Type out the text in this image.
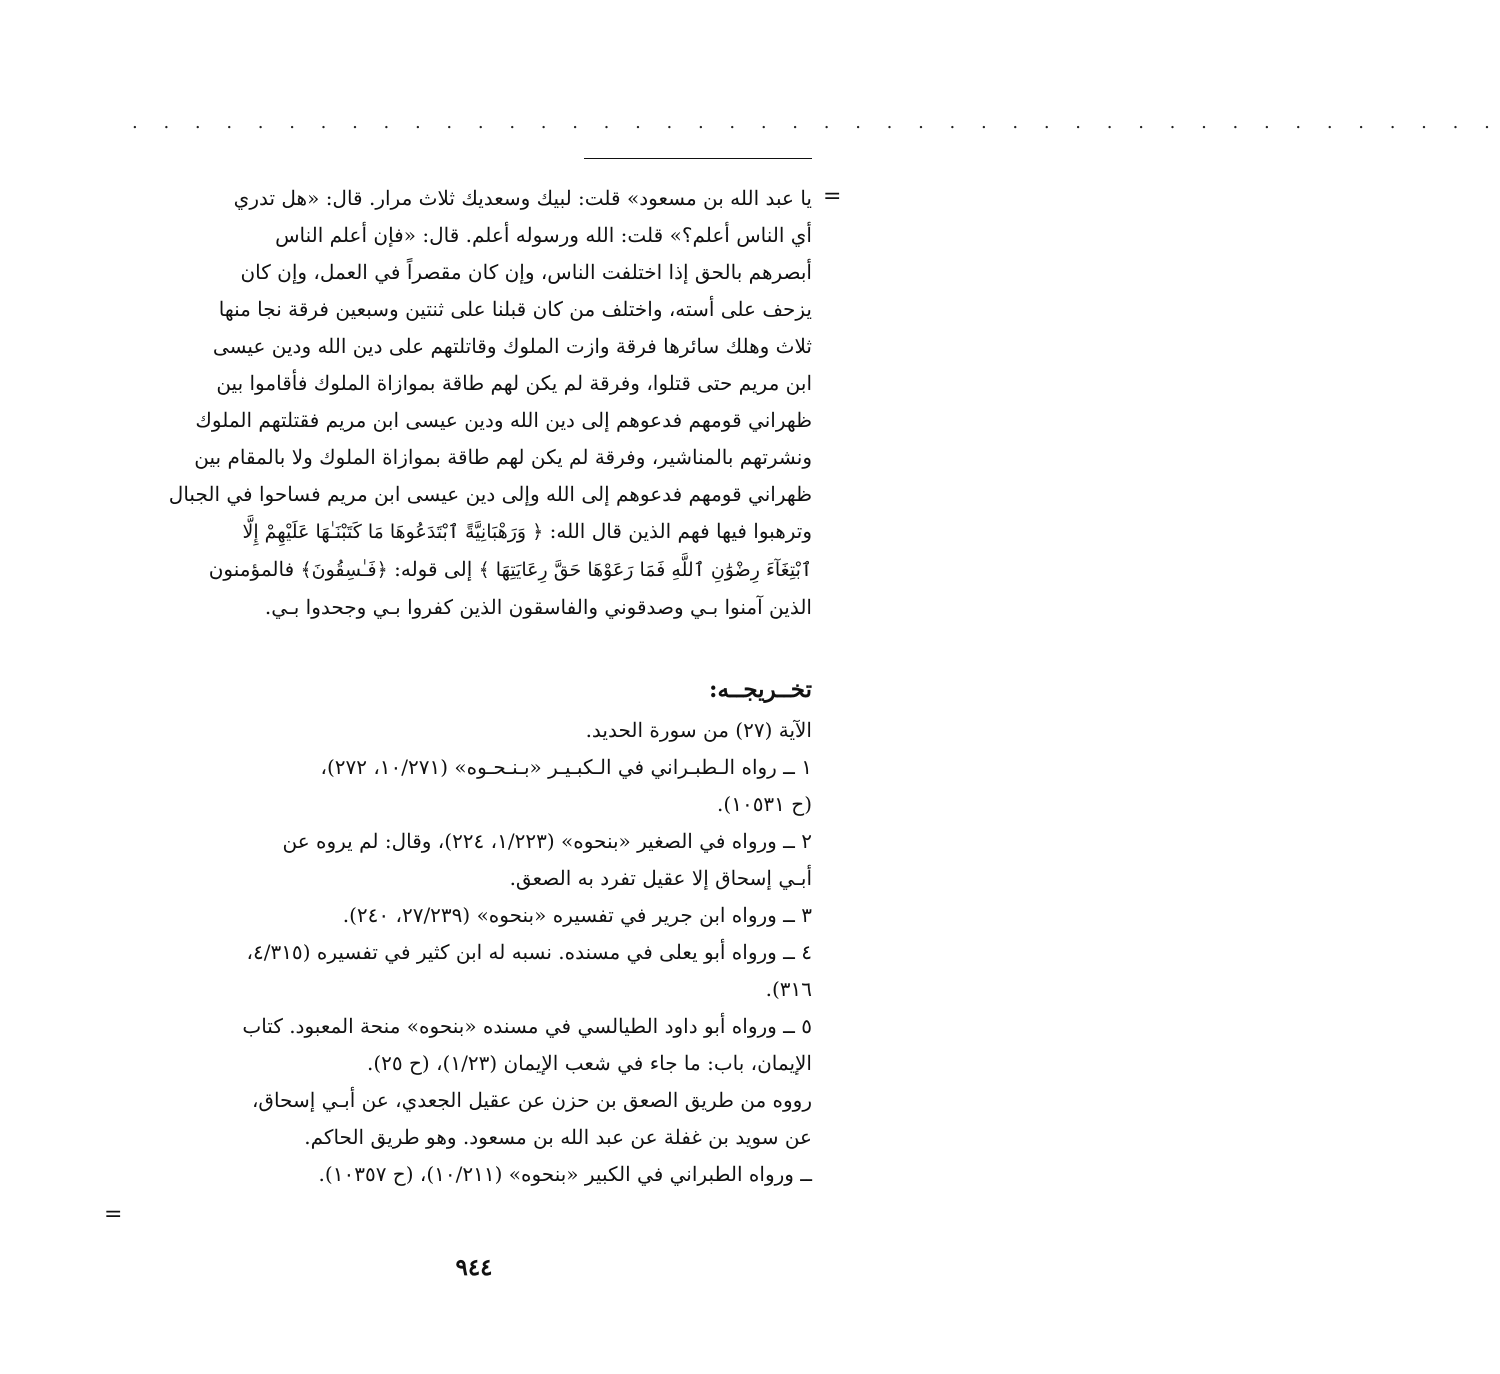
. . . . . . . . . . . . . . . . . . . . . . . . . . . . . . . . . . . . . . . . . . . .
=

يا عبد الله بن مسعود» قلت: لبيك وسعديك ثلاث مرار. قال: «هل تدري

أي الناس أعلم؟» قلت: الله ورسوله أعلم. قال: «فإن أعلم الناس

أبصرهم بالحق إذا اختلفت الناس، وإن كان مقصراً في العمل، وإن كان

يزحف على أسته، واختلف من كان قبلنا على ثنتين وسبعين فرقة نجا منها

ثلاث وهلك سائرها فرقة وازت الملوك وقاتلتهم على دين الله ودين عيسى

ابن مريم حتى قتلوا، وفرقة لم يكن لهم طاقة بموازاة الملوك فأقاموا بين

ظهراني قومهم فدعوهم إلى دين الله ودين عيسى ابن مريم فقتلتهم الملوك

ونشرتهم بالمناشير، وفرقة لم يكن لهم طاقة بموازاة الملوك ولا بالمقام بين

ظهراني قومهم فدعوهم إلى الله وإلى دين عيسى ابن مريم فساحوا في الجبال

وترهبوا فيها فهم الذين قال الله: ﴿ وَرَهْبَانِيَّةً ٱبْتَدَعُوهَا مَا كَتَبْنَـٰهَا عَلَيْهِمْ إِلَّا

ٱبْتِغَآءَ رِضْوَٰنِ ٱللَّهِ فَمَا رَعَوْهَا حَقَّ رِعَايَتِهَا ﴾ إلى قوله: ﴿فَـٰسِقُونَ﴾ فالمؤمنون

الذين آمنوا بـي وصدقوني والفاسقون الذين كفروا بـي وجحدوا بـي.

تخــريجــه:

الآية (٢٧) من سورة الحديد.

١ ــ رواه الـطبـراني في الـكبـيـر «بـنـحـوه» (١٠/٢٧١، ٢٧٢)،

(ح ١٠٥٣١).

٢ ــ ورواه في الصغير «بنحوه» (١/٢٢٣، ٢٢٤)، وقال: لم يروه عن

أبـي إسحاق إلا عقيل تفرد به الصعق.

٣ ــ ورواه ابن جرير في تفسيره «بنحوه» (٢٧/٢٣٩، ٢٤٠).

٤ ــ ورواه أبو يعلى في مسنده. نسبه له ابن كثير في تفسيره (٤/٣١٥،

٣١٦).

٥ ــ ورواه أبو داود الطيالسي في مسنده «بنحوه» منحة المعبود. كتاب

الإيمان، باب: ما جاء في شعب الإيمان (١/٢٣)، (ح ٢٥).

رووه من طريق الصعق بن حزن عن عقيل الجعدي، عن أبـي إسحاق،

عن سويد بن غفلة عن عبد الله بن مسعود. وهو طريق الحاكم.

ــ ورواه الطبراني في الكبير «بنحوه» (١٠/٢١١)، (ح ١٠٣٥٧).

=
٩٤٤
